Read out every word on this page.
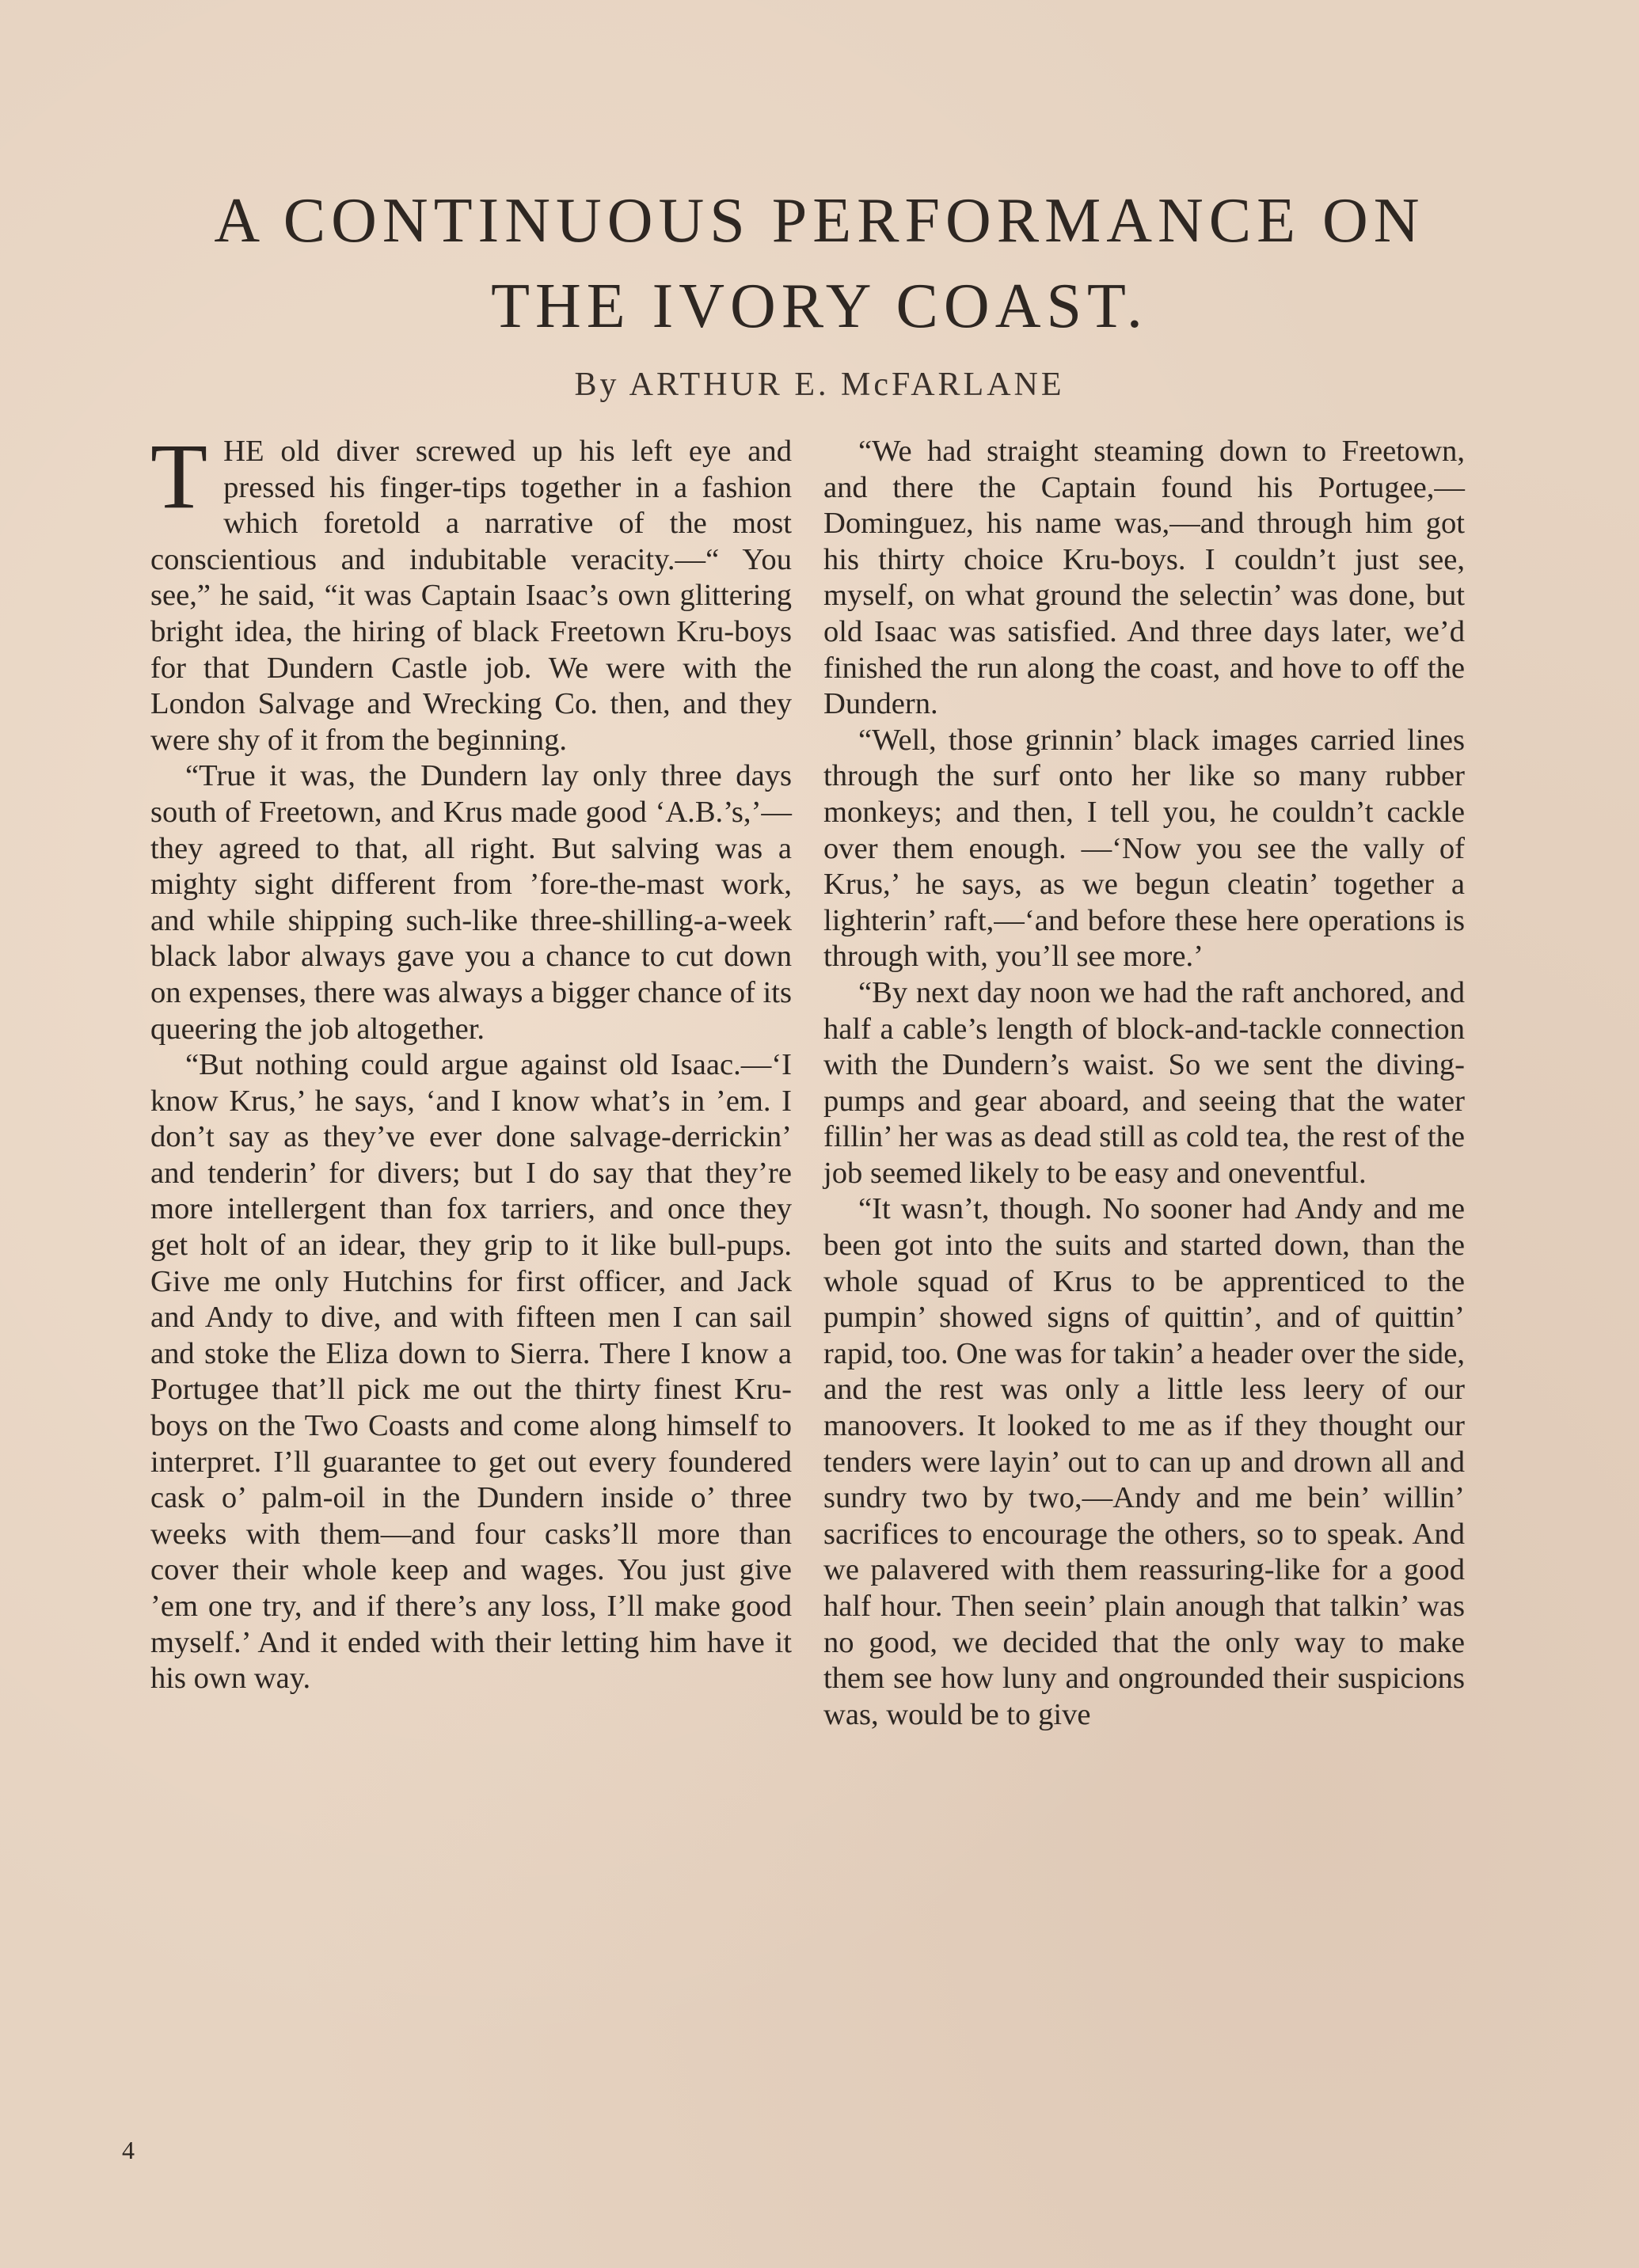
A CONTINUOUS PERFORMANCE ON THE IVORY COAST.
By ARTHUR E. McFARLANE
T HE old diver screwed up his left eye and pressed his finger-tips together in a fashion which foretold a narrative of the most conscientious and indubitable veracity.—“ You see,” he said, “it was Captain Isaac’s own glittering bright idea, the hiring of black Freetown Kru-boys for that Dundern Castle job. We were with the London Salvage and Wrecking Co. then, and they were shy of it from the beginning.

“True it was, the Dundern lay only three days south of Freetown, and Krus made good ‘A.B.’s,’—they agreed to that, all right. But salving was a mighty sight different from ’fore-the-mast work, and while shipping such-like three-shilling-a-week black labor always gave you a chance to cut down on expenses, there was always a bigger chance of its queering the job altogether.

“But nothing could argue against old Isaac.—‘I know Krus,’ he says, ‘and I know what’s in ’em. I don’t say as they’ve ever done salvage-derrickin’ and tenderin’ for divers; but I do say that they’re more intellergent than fox tarriers, and once they get holt of an idear, they grip to it like bull-pups. Give me only Hutchins for first officer, and Jack and Andy to dive, and with fifteen men I can sail and stoke the Eliza down to Sierra. There I know a Portugee that’ll pick me out the thirty finest Kru-boys on the Two Coasts and come along himself to interpret. I’ll guarantee to get out every foundered cask o’ palm-oil in the Dundern inside o’ three weeks with them—and four casks’ll more than cover their whole keep and wages. You just give ’em one try, and if there’s any loss, I’ll make good myself.’ And it ended with their letting him have it his own way.

“We had straight steaming down to Freetown, and there the Captain found his Portugee,—Dominguez, his name was,—and through him got his thirty choice Kru-boys. I couldn’t just see, myself, on what ground the selectin’ was done, but old Isaac was satisfied. And three days later, we’d finished the run along the coast, and hove to off the Dundern.

“Well, those grinnin’ black images carried lines through the surf onto her like so many rubber monkeys; and then, I tell you, he couldn’t cackle over them enough. —‘Now you see the vally of Krus,’ he says, as we begun cleatin’ together a lighterin’ raft,—‘and before these here operations is through with, you’ll see more.’

“By next day noon we had the raft anchored, and half a cable’s length of block-and-tackle connection with the Dundern’s waist. So we sent the diving-pumps and gear aboard, and seeing that the water fillin’ her was as dead still as cold tea, the rest of the job seemed likely to be easy and oneventful.

“It wasn’t, though. No sooner had Andy and me been got into the suits and started down, than the whole squad of Krus to be apprenticed to the pumpin’ showed signs of quittin’, and of quittin’ rapid, too. One was for takin’ a header over the side, and the rest was only a little less leery of our manoovers. It looked to me as if they thought our tenders were layin’ out to can up and drown all and sundry two by two,—Andy and me bein’ willin’ sacrifices to encourage the others, so to speak. And we palavered with them reassuring-like for a good half hour. Then seein’ plain anough that talkin’ was no good, we decided that the only way to make them see how luny and ongrounded their suspicions was, would be to give

4
